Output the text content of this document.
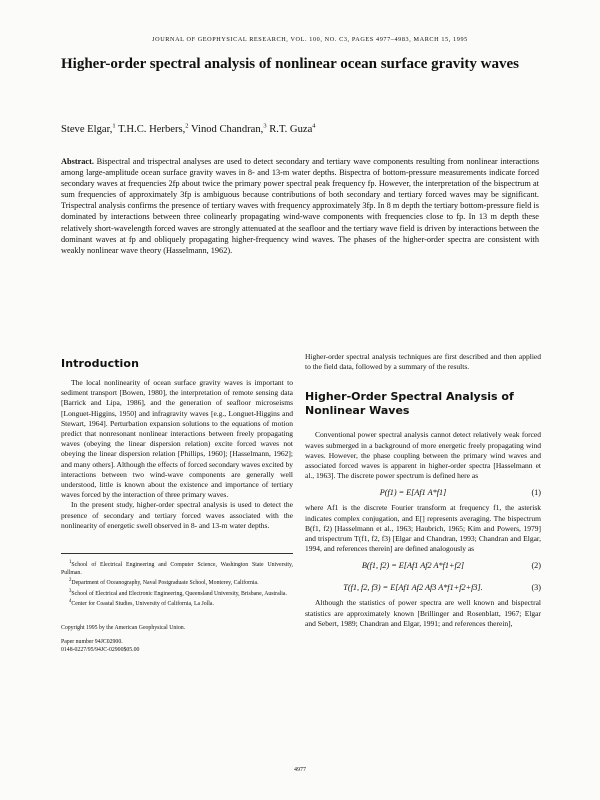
JOURNAL OF GEOPHYSICAL RESEARCH, VOL. 100, NO. C3, PAGES 4977–4983, MARCH 15, 1995
Higher-order spectral analysis of nonlinear ocean surface gravity waves
Steve Elgar,$^1$ T.H.C. Herbers,$^2$ Vinod Chandran,$^3$ R.T. Guza$^4$
Abstract. Bispectral and trispectral analyses are used to detect secondary and tertiary wave components resulting from nonlinear interactions among large-amplitude ocean surface gravity waves in 8- and 13-m water depths. Bispectra of bottom-pressure measurements indicate forced secondary waves at frequencies 2fp about twice the primary power spectral peak frequency fp. However, the interpretation of the bispectrum at sum frequencies of approximately 3fp is ambiguous because contributions of both secondary and tertiary forced waves may be significant. Trispectral analysis confirms the presence of tertiary waves with frequency approximately 3fp. In 8 m depth the tertiary bottom-pressure field is dominated by interactions between three colinearly propagating wind-wave components with frequencies close to fp. In 13 m depth these relatively short-wavelength forced waves are strongly attenuated at the seafloor and the tertiary wave field is driven by interactions between the dominant waves at fp and obliquely propagating higher-frequency wind waves. The phases of the higher-order spectra are consistent with weakly nonlinear wave theory (Hasselmann, 1962).
Introduction

The local nonlinearity of ocean surface gravity waves is important to sediment transport [Bowen, 1980], the interpretation of remote sensing data [Barrick and Lipa, 1986], and the generation of seafloor microseisms [Longuet-Higgins, 1950] and infragravity waves [e.g., Longuet-Higgins and Stewart, 1964]. Perturbation expansion solutions to the equations of motion predict that nonresonant nonlinear interactions between freely propagating waves (obeying the linear dispersion relation) excite forced waves not obeying the linear dispersion relation [Phillips, 1960]; [Hasselmann, 1962]; and many others]. Although the effects of forced secondary waves excited by interactions between two wind-wave components are generally well understood, little is known about the existence and importance of tertiary waves forced by the interaction of three primary waves.

In the present study, higher-order spectral analysis is used to detect the presence of secondary and tertiary forced waves associated with the nonlinearity of energetic swell observed in 8- and 13-m water depths.

$^1$School of Electrical Engineering and Computer Science, Washington State University, Pullman.

$^2$Department of Oceanography, Naval Postgraduate School, Monterey, California.

$^3$School of Electrical and Electronic Engineering, Queensland University, Brisbane, Australia.

$^4$Center for Coastal Studies, University of California, La Jolla.

Copyright 1995 by the American Geophysical Union.

Paper number 94JC02900.

0148-0227/95/94JC-02900$05.00

Higher-order spectral analysis techniques are first described and then applied to the field data, followed by a summary of the results.

Higher-Order Spectral Analysis of Nonlinear Waves

Conventional power spectral analysis cannot detect relatively weak forced waves submerged in a background of more energetic freely propagating wind waves. However, the phase coupling between the primary wind waves and associated forced waves is apparent in higher-order spectra [Hasselmann et al., 1963]. The discrete power spectrum is defined here as

P(f1) = E[Af1 A*f1]	(1)

where Af1 is the discrete Fourier transform at frequency f1, the asterisk indicates complex conjugation, and E[] represents averaging. The bispectrum B(f1, f2) [Hasselmann et al., 1963; Haubrich, 1965; Kim and Powers, 1979] and trispectrum T(f1, f2, f3) [Elgar and Chandran, 1993; Chandran and Elgar, 1994, and references therein] are defined analogously as

B(f1, f2) = E[Af1 Af2 A*f1+f2]	(2)
T(f1, f2, f3) = E[Af1 Af2 Af3 A*f1+f2+f3].	(3)

Although the statistics of power spectra are well known and bispectral statistics are approximately known [Brillinger and Rosenblatt, 1967; Elgar and Sebert, 1989; Chandran and Elgar, 1991; and references therein],

4977
